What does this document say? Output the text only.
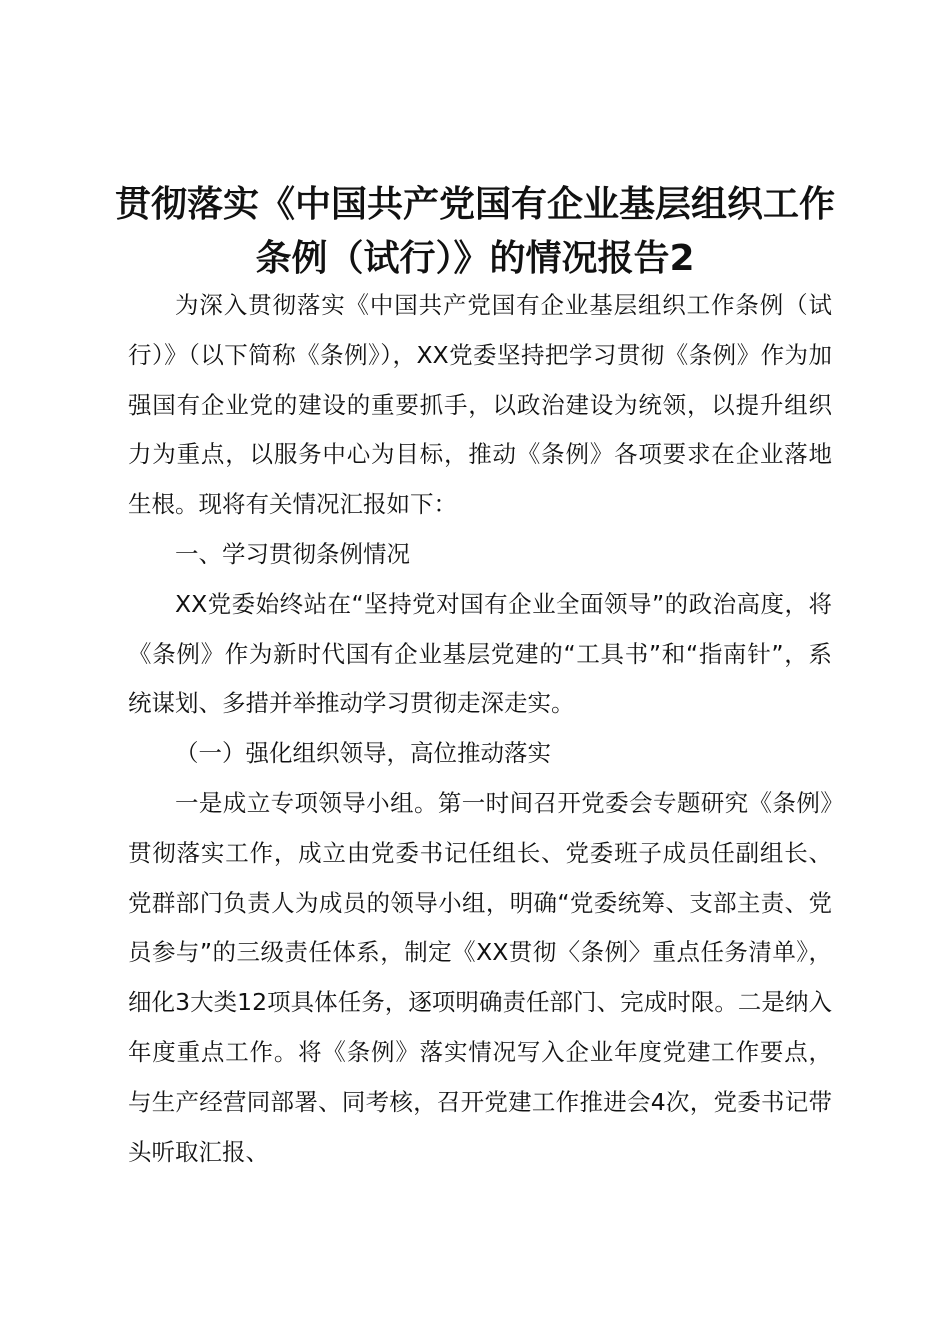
贯彻落实《中国共产党国有企业基层组织工作条例（试行）》的情况报告2

为深入贯彻落实《中国共产党国有企业基层组织工作条例（试行）》（以下简称《条例》），XX党委坚持把学习贯彻《条例》作为加强国有企业党的建设的重要抓手，以政治建设为统领，以提升组织力为重点，以服务中心为目标，推动《条例》各项要求在企业落地生根。现将有关情况汇报如下：

一、学习贯彻条例情况

XX党委始终站在“坚持党对国有企业全面领导”的政治高度，将《条例》作为新时代国有企业基层党建的“工具书”和“指南针”，系统谋划、多措并举推动学习贯彻走深走实。

（一）强化组织领导，高位推动落实

一是成立专项领导小组。第一时间召开党委会专题研究《条例》贯彻落实工作，成立由党委书记任组长、党委班子成员任副组长、党群部门负责人为成员的领导小组，明确“党委统筹、支部主责、党员参与”的三级责任体系，制定《XX贯彻〈条例〉重点任务清单》，细化3大类12项具体任务，逐项明确责任部门、完成时限。二是纳入年度重点工作。将《条例》落实情况写入企业年度党建工作要点，与生产经营同部署、同考核，召开党建工作推进会4次，党委书记带头听取汇报、
